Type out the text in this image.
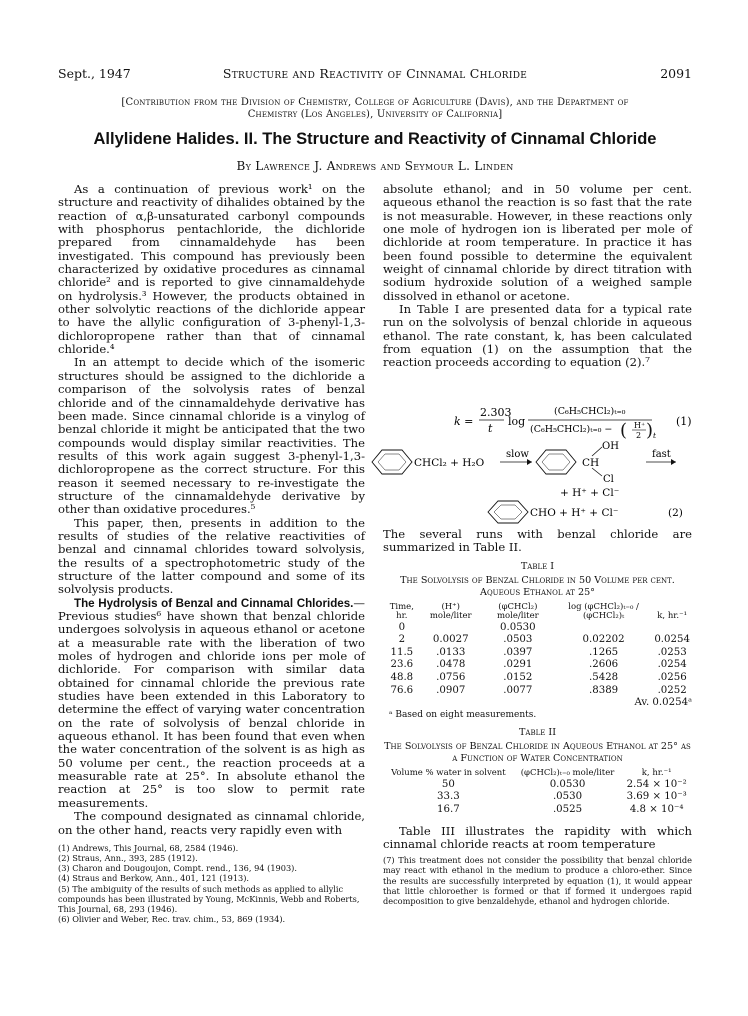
Sept., 1947	Structure and Reactivity of Cinnamal Chloride	2091
[Contribution from the Division of Chemistry, College of Agriculture (Davis), and the Department of
Chemistry (Los Angeles), University of California]
Allylidene Halides. II. The Structure and Reactivity of Cinnamal Chloride
By Lawrence J. Andrews and Seymour L. Linden

As a continuation of previous work¹ on the structure and reactivity of dihalides obtained by the reaction of α,β-unsaturated carbonyl compounds with phosphorus pentachloride, the dichloride prepared from cinnamaldehyde has been investigated. This compound has previously been characterized by oxidative procedures as cinnamal chloride² and is reported to give cinnamaldehyde on hydrolysis.³ However, the products obtained in other solvolytic reactions of the dichloride appear to have the allylic configuration of 3-phenyl-1,3-dichloropropene rather than that of cinnamal chloride.⁴

In an attempt to decide which of the isomeric structures should be assigned to the dichloride a comparison of the solvolysis rates of benzal chloride and of the cinnamaldehyde derivative has been made. Since cinnamal chloride is a vinylog of benzal chloride it might be anticipated that the two compounds would display similar reactivities. The results of this work again suggest 3-phenyl-1,3-dichloropropene as the correct structure. For this reason it seemed necessary to re-investigate the structure of the cinnamaldehyde derivative by other than oxidative procedures.⁵

This paper, then, presents in addition to the results of studies of the relative reactivities of benzal and cinnamal chlorides toward solvolysis, the results of a spectrophotometric study of the structure of the latter compound and some of its solvolysis products.

The Hydrolysis of Benzal and Cinnamal Chlorides.—Previous studies⁶ have shown that benzal chloride undergoes solvolysis in aqueous ethanol or acetone at a measurable rate with the liberation of two moles of hydrogen and chloride ions per mole of dichloride. For comparison with similar data obtained for cinnamal chloride the previous rate studies have been extended in this Laboratory to determine the effect of varying water concentration on the rate of solvolysis of benzal chloride in aqueous ethanol. It has been found that even when the water concentration of the solvent is as high as 50 volume per cent., the reaction proceeds at a measurable rate at 25°. In absolute ethanol the reaction at 25° is too slow to permit rate measurements.

The compound designated as cinnamal chloride, on the other hand, reacts very rapidly even with

(1) Andrews, This Journal, 68, 2584 (1946).
(2) Straus, Ann., 393, 285 (1912).
(3) Charon and Dougoujon, Compt. rend., 136, 94 (1903).
(4) Straus and Berkow, Ann., 401, 121 (1913).
(5) The ambiguity of the results of such methods as applied to allylic compounds has been illustrated by Young, McKinnis, Webb and Roberts, This Journal, 68, 293 (1946).
(6) Olivier and Weber, Rec. trav. chim., 53, 869 (1934).

absolute ethanol; and in 50 volume per cent. aqueous ethanol the reaction is so fast that the rate is not measurable. However, in these reactions only one mole of hydrogen ion is liberated per mole of dichloride at room temperature. In practice it has been found possible to determine the equivalent weight of cinnamal chloride by direct titration with sodium hydroxide solution of a weighed sample dissolved in ethanol or acetone.

In Table I are presented data for a typical rate run on the solvolysis of benzal chloride in aqueous ethanol. The rate constant, k, has been calculated from equation (1) on the assumption that the reaction proceeds according to equation (2).⁷

k =
2.303
t
log
(C₆H₅CHCl₂)ₜ₌₀
(C₆H₅CHCl₂)ₜ₌₀ − ( H⁺
2 ) t
(1)
CHCl₂ + H₂O
slow
CH
OH
Cl
fast
+ H⁺ + Cl⁻
CHO + H⁺ + Cl⁻	(2)

The several runs with benzal chloride are summarized in Table II.

Table I
The Solvolysis of Benzal Chloride in 50 Volume per cent. Aqueous Ethanol at 25°
Time, hr.	(H⁺) mole/liter	(φCHCl₂) mole/liter	log (φCHCl₂)ₜ₌₀ / (φCHCl₂)ₜ	k, hr.⁻¹
0		0.0530		
2	0.0027	.0503	0.02202	0.0254
11.5	.0133	.0397	.1265	.0253
23.6	.0478	.0291	.2606	.0254
48.8	.0756	.0152	.5428	.0256
76.6	.0907	.0077	.8389	.0252
Av. 0.0254ᵃ
ᵃ Based on eight measurements.
Table II
The Solvolysis of Benzal Chloride in Aqueous Ethanol at 25° as a Function of Water Concentration
Volume % water in solvent	(φCHCl₂)ₜ₌₀ mole/liter	k, hr.⁻¹
50	0.0530	2.54 × 10⁻²
33.3	.0530	3.69 × 10⁻³
16.7	.0525	4.8 × 10⁻⁴

Table III illustrates the rapidity with which cinnamal chloride reacts at room temperature

(7) This treatment does not consider the possibility that benzal chloride may react with ethanol in the medium to produce a chloro-ether. Since the results are successfully interpreted by equation (1), it would appear that little chloroether is formed or that if formed it undergoes rapid decomposition to give benzaldehyde, ethanol and hydrogen chloride.
